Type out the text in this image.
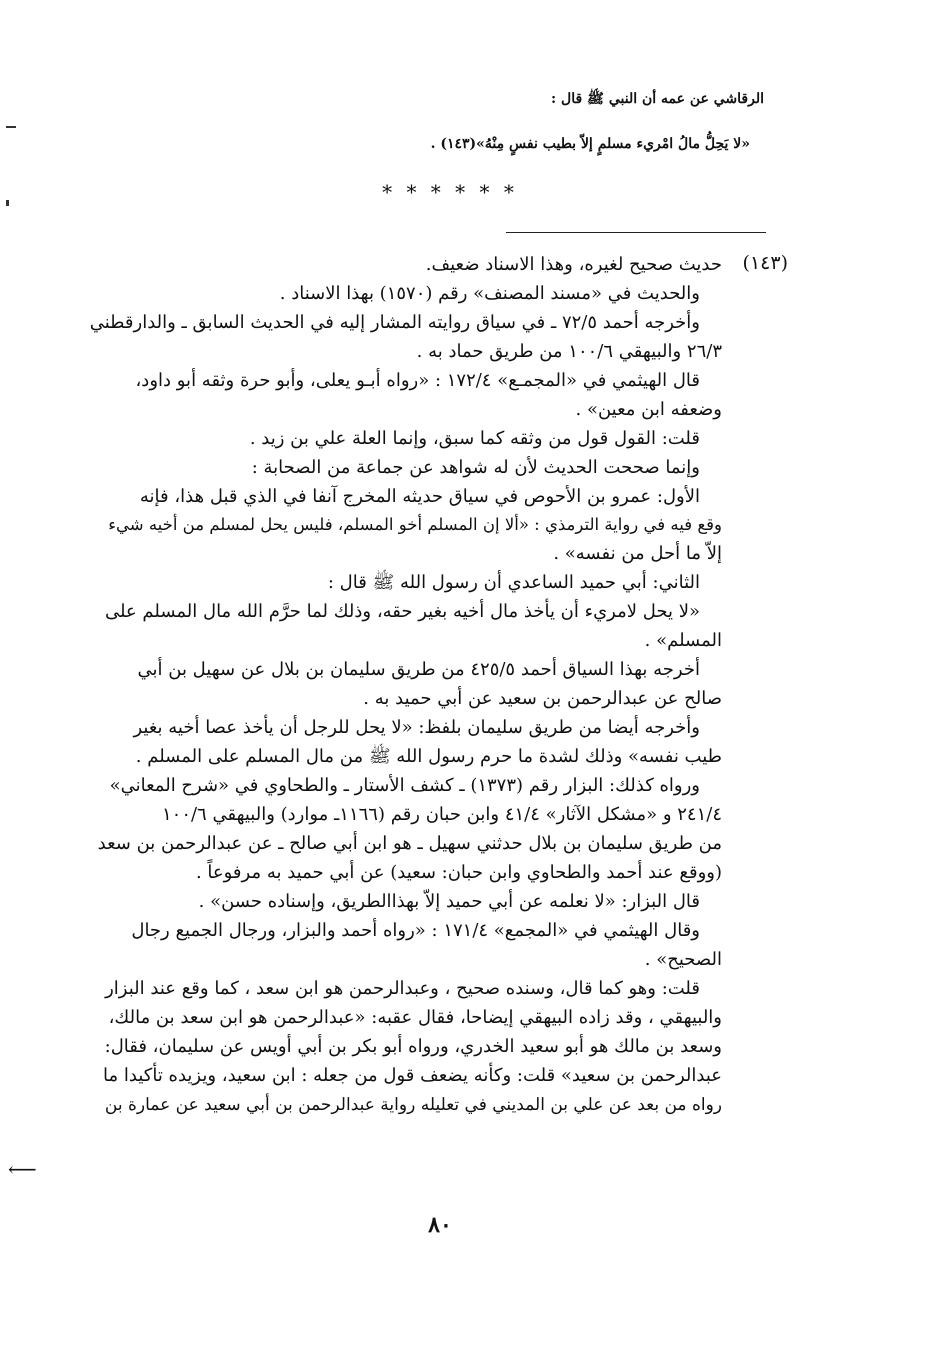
الرقاشي عن عمه أن النبي ﷺ قال :
«لا يَحِلُّ مالُ امْريء مسلمٍ إلاّ بطيب نفسٍ مِنْهُ»(١٤٣) .
* * * * * *
(١٤٣)
حديث صحيح لغيره، وهذا الاسناد ضعيف.
والحديث في «مسند المصنف» رقم (١٥٧٠) بهذا الاسناد .
وأخرجه أحمد ٧٢/٥ ـ في سياق روايته المشار إليه في الحديث السابق ـ والدارقطني
٢٦/٣ والبيهقي ١٠٠/٦ من طريق حماد به .
قال الهيثمي في «المجمـع» ١٧٢/٤ : «رواه أبـو يعلى، وأبو حرة وثقه أبو داود،
وضعفه ابن معين» .
قلت: القول قول من وثقه كما سبق، وإنما العلة علي بن زيد .
وإنما صححت الحديث لأن له شواهد عن جماعة من الصحابة :
الأول: عمرو بن الأحوص في سياق حديثه المخرج آنفا في الذي قبل هذا، فإنه
وقع فيه في رواية الترمذي : «ألا إن المسلم أخو المسلم، فليس يحل لمسلم من أخيه شيء
إلاّ ما أحل من نفسه» .
الثاني: أبي حميد الساعدي أن رسول الله ﷺ قال :
«لا يحل لامريء أن يأخذ مال أخيه بغير حقه، وذلك لما حرَّم الله مال المسلم على
المسلم» .
أخرجه بهذا السياق أحمد ٤٢٥/٥ من طريق سليمان بن بلال عن سهيل بن أبي
صالح عن عبدالرحمن بن سعيد عن أبي حميد به .
وأخرجه أيضا من طريق سليمان بلفظ: «لا يحل للرجل أن يأخذ عصا أخيه بغير
طيب نفسه» وذلك لشدة ما حرم رسول الله ﷺ من مال المسلم على المسلم .
ورواه كذلك: البزار رقم (١٣٧٣) ـ كشف الأستار ـ والطحاوي في «شرح المعاني»
٢٤١/٤ و «مشكل الآثار» ٤١/٤ وابن حبان رقم (١١٦٦ـ موارد) والبيهقي ١٠٠/٦
من طريق سليمان بن بلال حدثني سهيل ـ هو ابن أبي صالح ـ عن عبدالرحمن بن سعد
(ووقع عند أحمد والطحاوي وابن حبان: سعيد) عن أبي حميد به مرفوعاً .
قال البزار: «لا نعلمه عن أبي حميد إلاّ بهذاالطريق، وإسناده حسن» .
وقال الهيثمي في «المجمع» ١٧١/٤ : «رواه أحمد والبزار، ورجال الجميع رجال
الصحيح» .
قلت: وهو كما قال، وسنده صحيح ، وعبدالرحمن هو ابن سعد ، كما وقع عند البزار
والبيهقي ، وقد زاده البيهقي إيضاحا، فقال عقبه: «عبدالرحمن هو ابن سعد بن مالك،
وسعد بن مالك هو أبو سعيد الخدري، ورواه أبو بكر بن أبي أويس عن سليمان، فقال:
عبدالرحمن بن سعيد» قلت: وكأنه يضعف قول من جعله : ابن سعيد، ويزيده تأكيدا ما
رواه من بعد عن علي بن المديني في تعليله رواية عبدالرحمن بن أبي سعيد عن عمارة بن
⟵
٨٠
